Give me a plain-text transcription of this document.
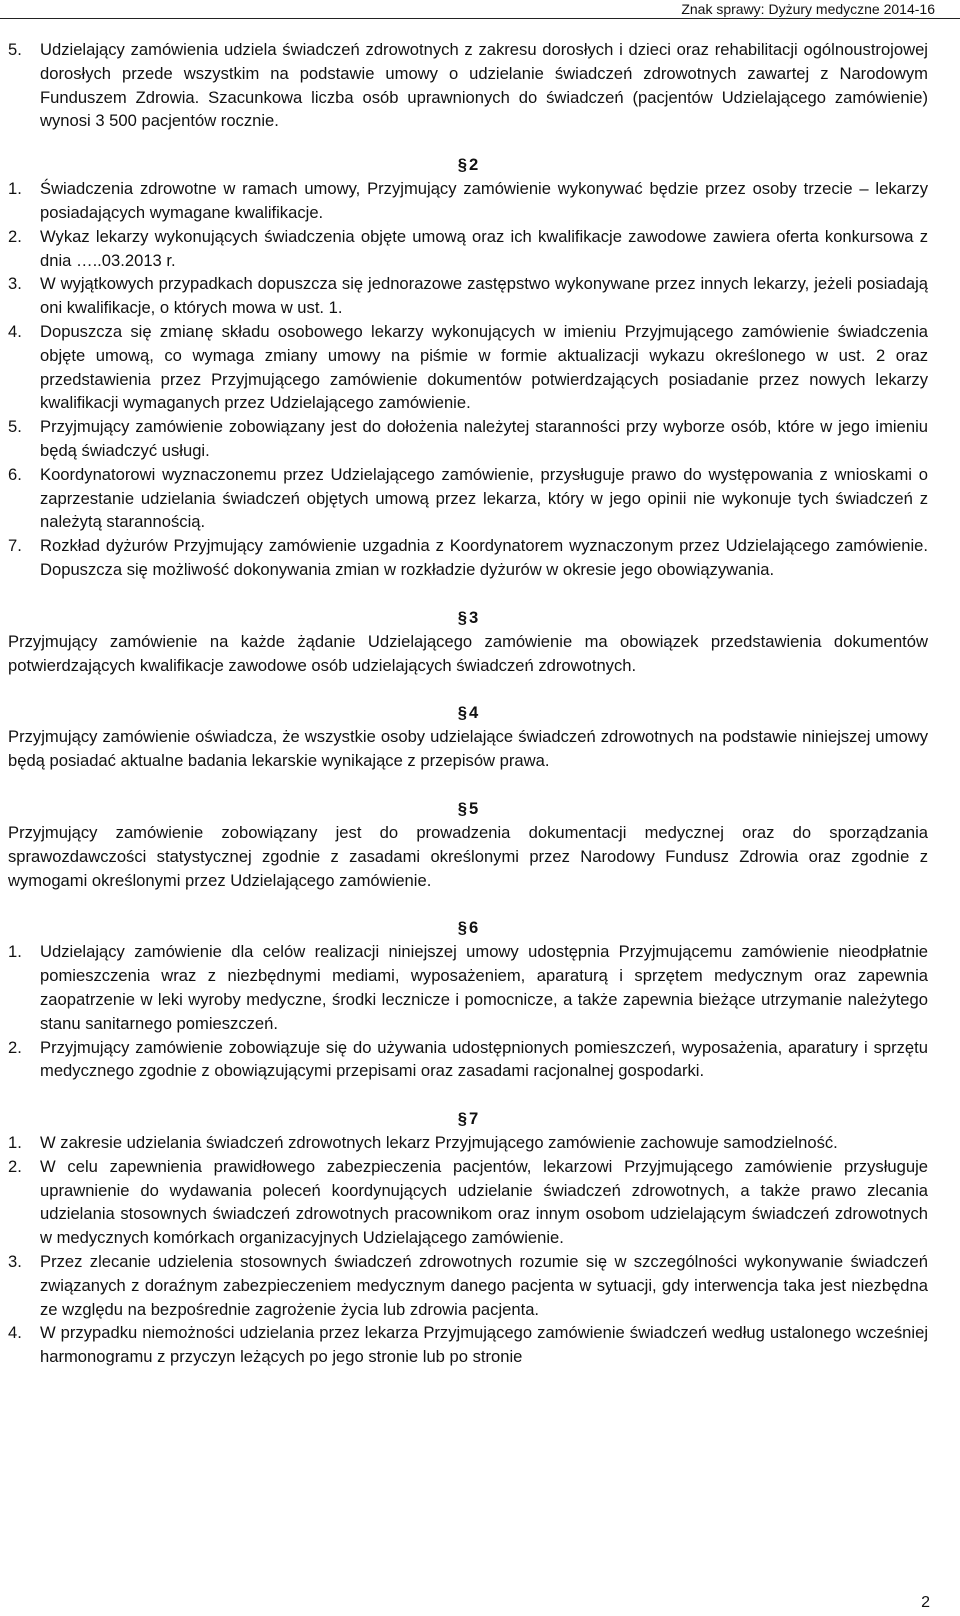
Znak sprawy: Dyżury medyczne 2014-16
5.	Udzielający zamówienia udziela świadczeń zdrowotnych z zakresu dorosłych i dzieci oraz rehabilitacji ogólnoustrojowej dorosłych przede wszystkim na podstawie umowy o udzielanie świadczeń zdrowotnych zawartej z Narodowym Funduszem Zdrowia. Szacunkowa liczba osób uprawnionych do świadczeń (pacjentów Udzielającego zamówienie) wynosi 3 500 pacjentów rocznie.
§ 2
1.	Świadczenia zdrowotne w ramach umowy, Przyjmujący zamówienie wykonywać będzie przez osoby trzecie – lekarzy posiadających wymagane kwalifikacje.
2.	Wykaz lekarzy wykonujących świadczenia objęte umową oraz ich kwalifikacje zawodowe zawiera oferta konkursowa z dnia …..03.2013 r.
3.	W wyjątkowych przypadkach dopuszcza się jednorazowe zastępstwo wykonywane przez innych lekarzy, jeżeli posiadają oni kwalifikacje, o których mowa w ust. 1.
4.	Dopuszcza się zmianę składu osobowego lekarzy wykonujących w imieniu Przyjmującego zamówienie świadczenia objęte umową, co wymaga zmiany umowy na piśmie w formie aktualizacji wykazu określonego w ust. 2 oraz przedstawienia przez Przyjmującego zamówienie dokumentów potwierdzających posiadanie przez nowych lekarzy kwalifikacji wymaganych przez Udzielającego zamówienie.
5.	Przyjmujący zamówienie zobowiązany jest do dołożenia należytej staranności przy wyborze osób, które w jego imieniu będą świadczyć usługi.
6.	Koordynatorowi wyznaczonemu przez Udzielającego zamówienie, przysługuje prawo do występowania z wnioskami o zaprzestanie udzielania świadczeń objętych umową przez lekarza, który w jego opinii nie wykonuje tych świadczeń z należytą starannością.
7.	Rozkład dyżurów Przyjmujący zamówienie uzgadnia z Koordynatorem wyznaczonym przez Udzielającego zamówienie. Dopuszcza się możliwość dokonywania zmian w rozkładzie dyżurów w okresie jego obowiązywania.
§ 3
Przyjmujący zamówienie na każde żądanie Udzielającego zamówienie ma obowiązek przedstawienia dokumentów potwierdzających kwalifikacje zawodowe osób udzielających świadczeń zdrowotnych.
§ 4
Przyjmujący zamówienie oświadcza, że wszystkie osoby udzielające świadczeń zdrowotnych na podstawie niniejszej umowy będą posiadać aktualne badania lekarskie wynikające z przepisów prawa.
§ 5
Przyjmujący zamówienie zobowiązany jest do prowadzenia dokumentacji medycznej oraz do sporządzania sprawozdawczości statystycznej zgodnie z zasadami określonymi przez Narodowy Fundusz Zdrowia oraz zgodnie z wymogami określonymi przez Udzielającego zamówienie.
§ 6
1.	Udzielający zamówienie dla celów realizacji niniejszej umowy udostępnia Przyjmującemu zamówienie nieodpłatnie pomieszczenia wraz z niezbędnymi mediami, wyposażeniem, aparaturą i sprzętem medycznym oraz zapewnia zaopatrzenie w leki wyroby medyczne, środki lecznicze i pomocnicze, a także zapewnia bieżące utrzymanie należytego stanu sanitarnego pomieszczeń.
2.	Przyjmujący zamówienie zobowiązuje się do używania udostępnionych pomieszczeń, wyposażenia, aparatury i sprzętu medycznego zgodnie z obowiązującymi przepisami oraz zasadami racjonalnej gospodarki.
§ 7
1.	W zakresie udzielania świadczeń zdrowotnych lekarz Przyjmującego zamówienie zachowuje samodzielność.
2.	W celu zapewnienia prawidłowego zabezpieczenia pacjentów, lekarzowi Przyjmującego zamówienie przysługuje uprawnienie do wydawania poleceń koordynujących udzielanie świadczeń zdrowotnych, a także prawo zlecania udzielania stosownych świadczeń zdrowotnych pracownikom oraz innym osobom udzielającym świadczeń zdrowotnych w medycznych komórkach organizacyjnych Udzielającego zamówienie.
3.	Przez zlecanie udzielenia stosownych świadczeń zdrowotnych rozumie się w szczególności wykonywanie świadczeń związanych z doraźnym zabezpieczeniem medycznym danego pacjenta w sytuacji, gdy interwencja taka jest niezbędna ze względu na bezpośrednie zagrożenie życia lub zdrowia pacjenta.
4.	W przypadku niemożności udzielania przez lekarza Przyjmującego zamówienie świadczeń według ustalonego wcześniej harmonogramu z przyczyn leżących po jego stronie lub po stronie
2
